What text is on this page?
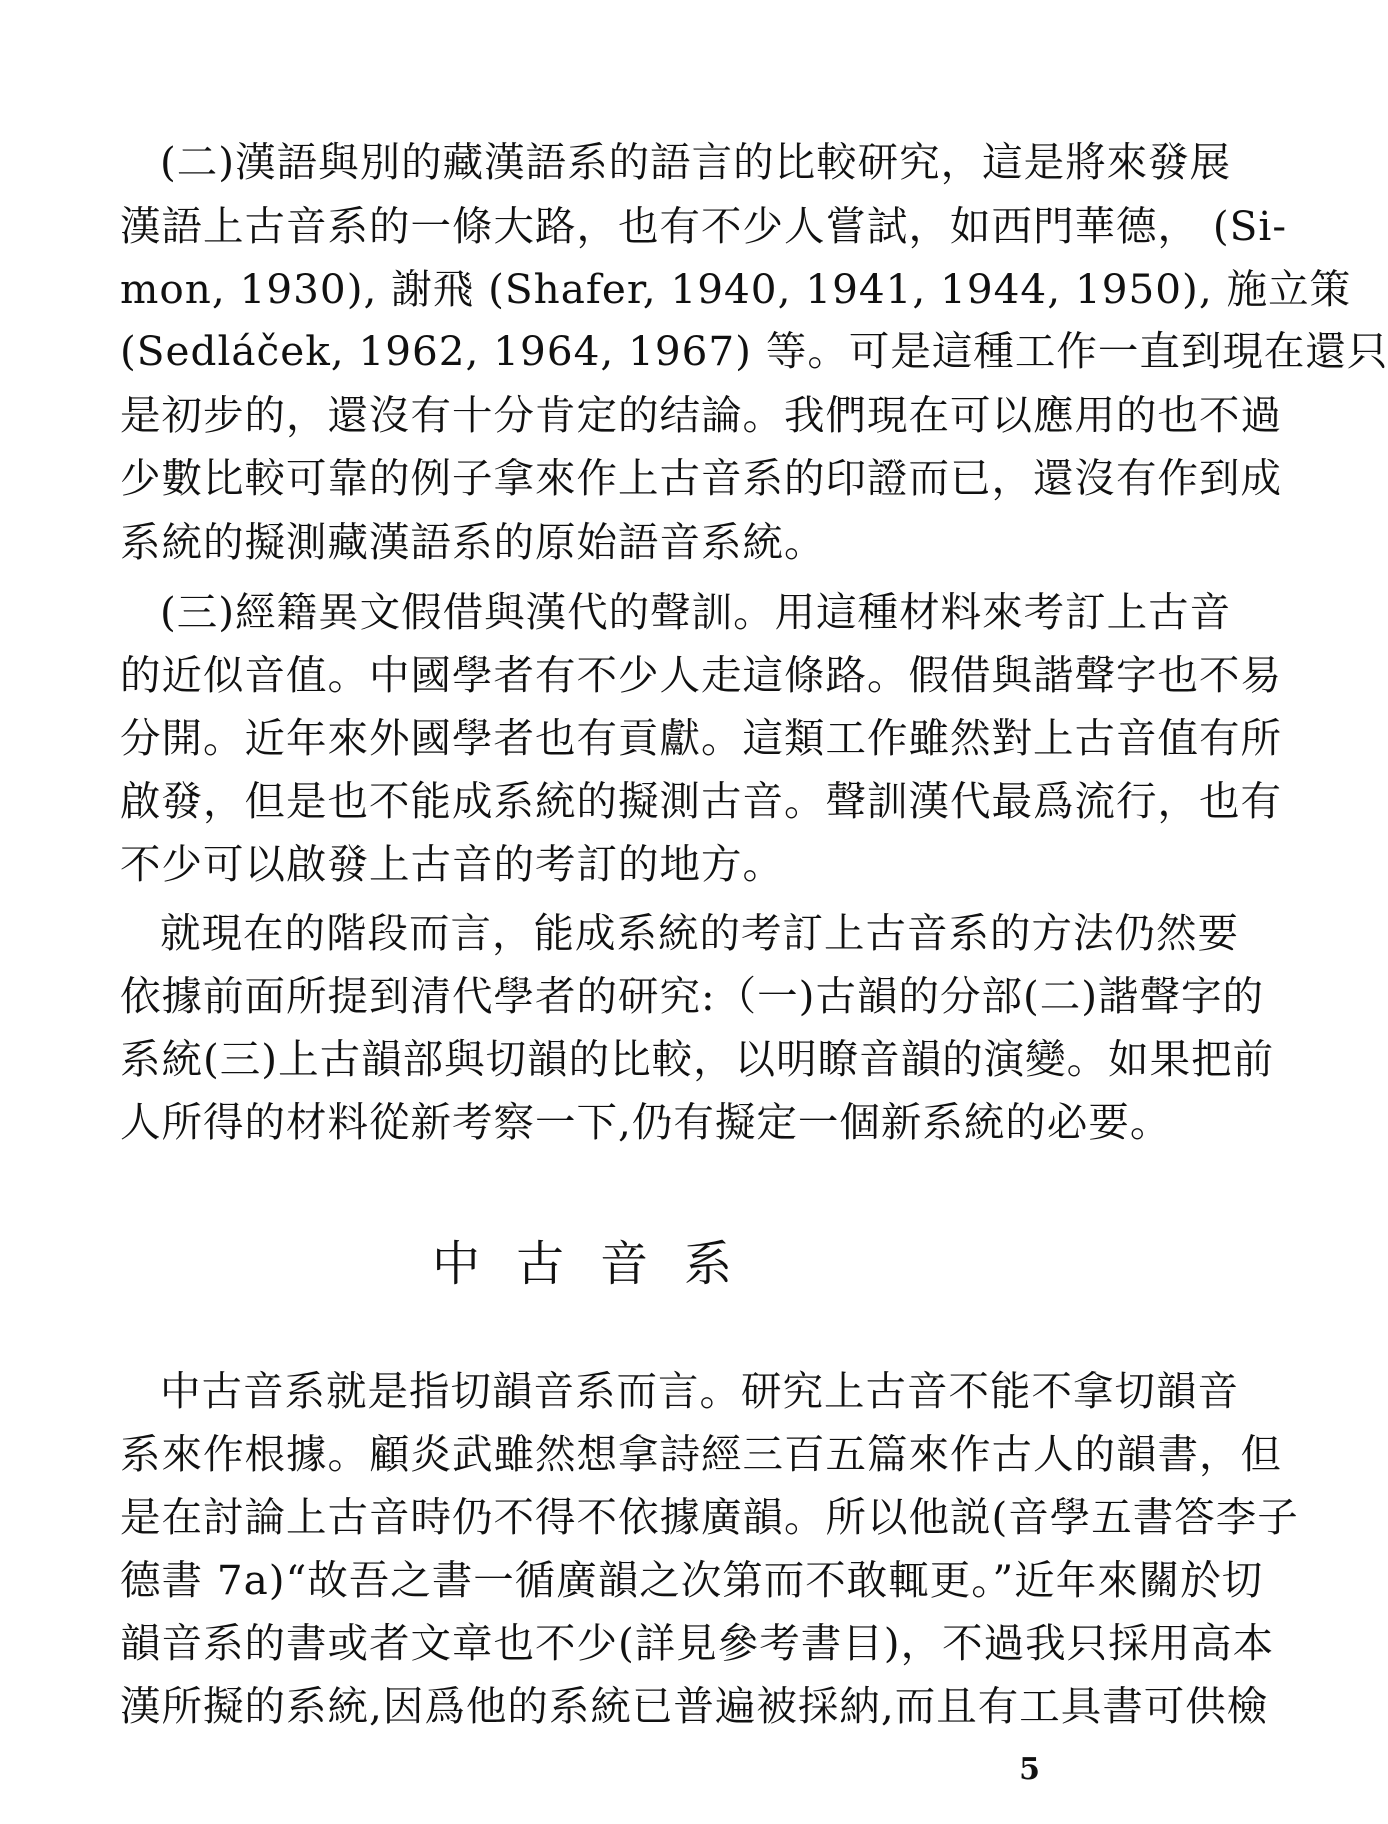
(二)漢語與別的藏漢語系的語言的比較研究，這是將來發展
漢語上古音系的一條大路，也有不少人嘗試，如西門華德， (Si-
mon, 1930), 謝飛 (Shafer, 1940, 1941, 1944, 1950), 施立策
(Sedláček, 1962, 1964, 1967) 等。可是這種工作一直到現在還只
是初步的，還沒有十分肯定的结論。我們現在可以應用的也不過
少數比較可靠的例子拿來作上古音系的印證而已，還沒有作到成
系統的擬測藏漢語系的原始語音系統。
(三)經籍異文假借與漢代的聲訓。用這種材料來考訂上古音
的近似音值。中國學者有不少人走這條路。假借與諧聲字也不易
分開。近年來外國學者也有貢獻。這類工作雖然對上古音值有所
啟發，但是也不能成系統的擬測古音。聲訓漢代最爲流行，也有
不少可以啟發上古音的考訂的地方。
就現在的階段而言，能成系統的考訂上古音系的方法仍然要
依據前面所提到清代學者的研究:（一)古韻的分部(二)諧聲字的
系統(三)上古韻部與切韻的比較，以明瞭音韻的演變。如果把前
人所得的材料從新考察一下,仍有擬定一個新系統的必要。
中古音系
中古音系就是指切韻音系而言。研究上古音不能不拿切韻音
系來作根據。顧炎武雖然想拿詩經三百五篇來作古人的韻書，但
是在討論上古音時仍不得不依據廣韻。所以他説(音學五書答李子
德書 7a)“故吾之書一循廣韻之次第而不敢輒更。”近年來關於切
韻音系的書或者文章也不少(詳見參考書目)，不過我只採用高本
漢所擬的系統,因爲他的系統已普遍被採納,而且有工具書可供檢
5
